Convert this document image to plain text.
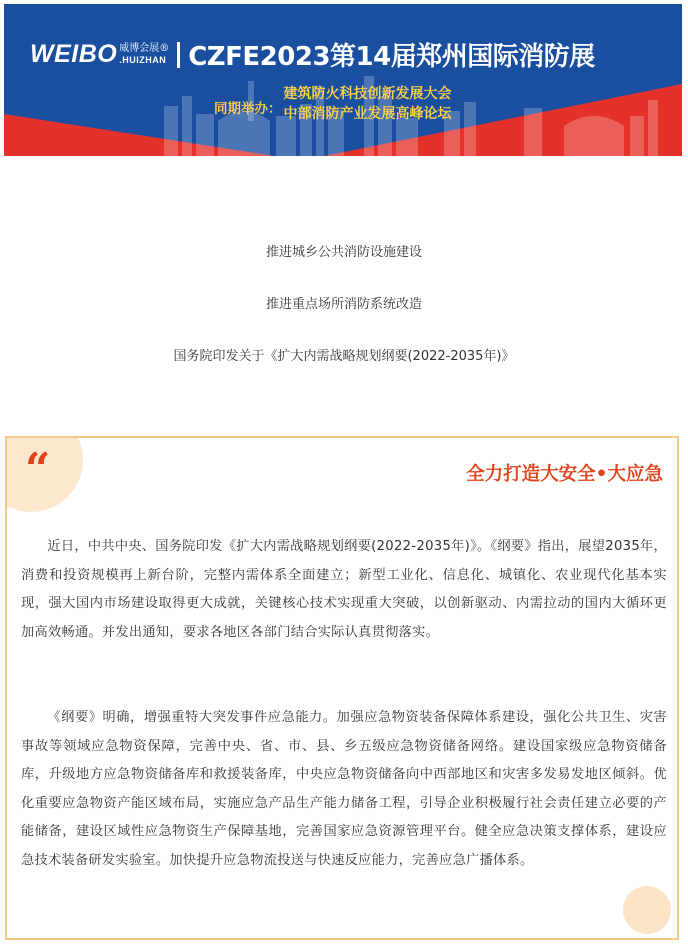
WEIBO 威博会展®
.HUIZHAN CZFE2023第14届郑州国际消防展
同期举办：
建筑防火科技创新发展大会
中部消防产业发展高峰论坛
推进城乡公共消防设施建设
推进重点场所消防系统改造
国务院印发关于《扩大内需战略规划纲要(2022-2035年)》
“	全力打造大安全•大应急

近日，中共中央、国务院印发《扩大内需战略规划纲要(2022-2035年)》。《纲要》指出，展望2035年，消费和投资规模再上新台阶，完整内需体系全面建立；新型工业化、信息化、城镇化、农业现代化基本实现，强大国内市场建设取得更大成就，关键核心技术实现重大突破，以创新驱动、内需拉动的国内大循环更加高效畅通。并发出通知，要求各地区各部门结合实际认真贯彻落实。

《纲要》明确，增强重特大突发事件应急能力。加强应急物资装备保障体系建设，强化公共卫生、灾害事故等领域应急物资保障，完善中央、省、市、县、乡五级应急物资储备网络。建设国家级应急物资储备库，升级地方应急物资储备库和救援装备库，中央应急物资储备向中西部地区和灾害多发易发地区倾斜。优化重要应急物资产能区域布局，实施应急产品生产能力储备工程，引导企业积极履行社会责任建立必要的产能储备，建设区域性应急物资生产保障基地，完善国家应急资源管理平台。健全应急决策支撑体系，建设应急技术装备研发实验室。加快提升应急物流投送与快速反应能力，完善应急广播体系。
